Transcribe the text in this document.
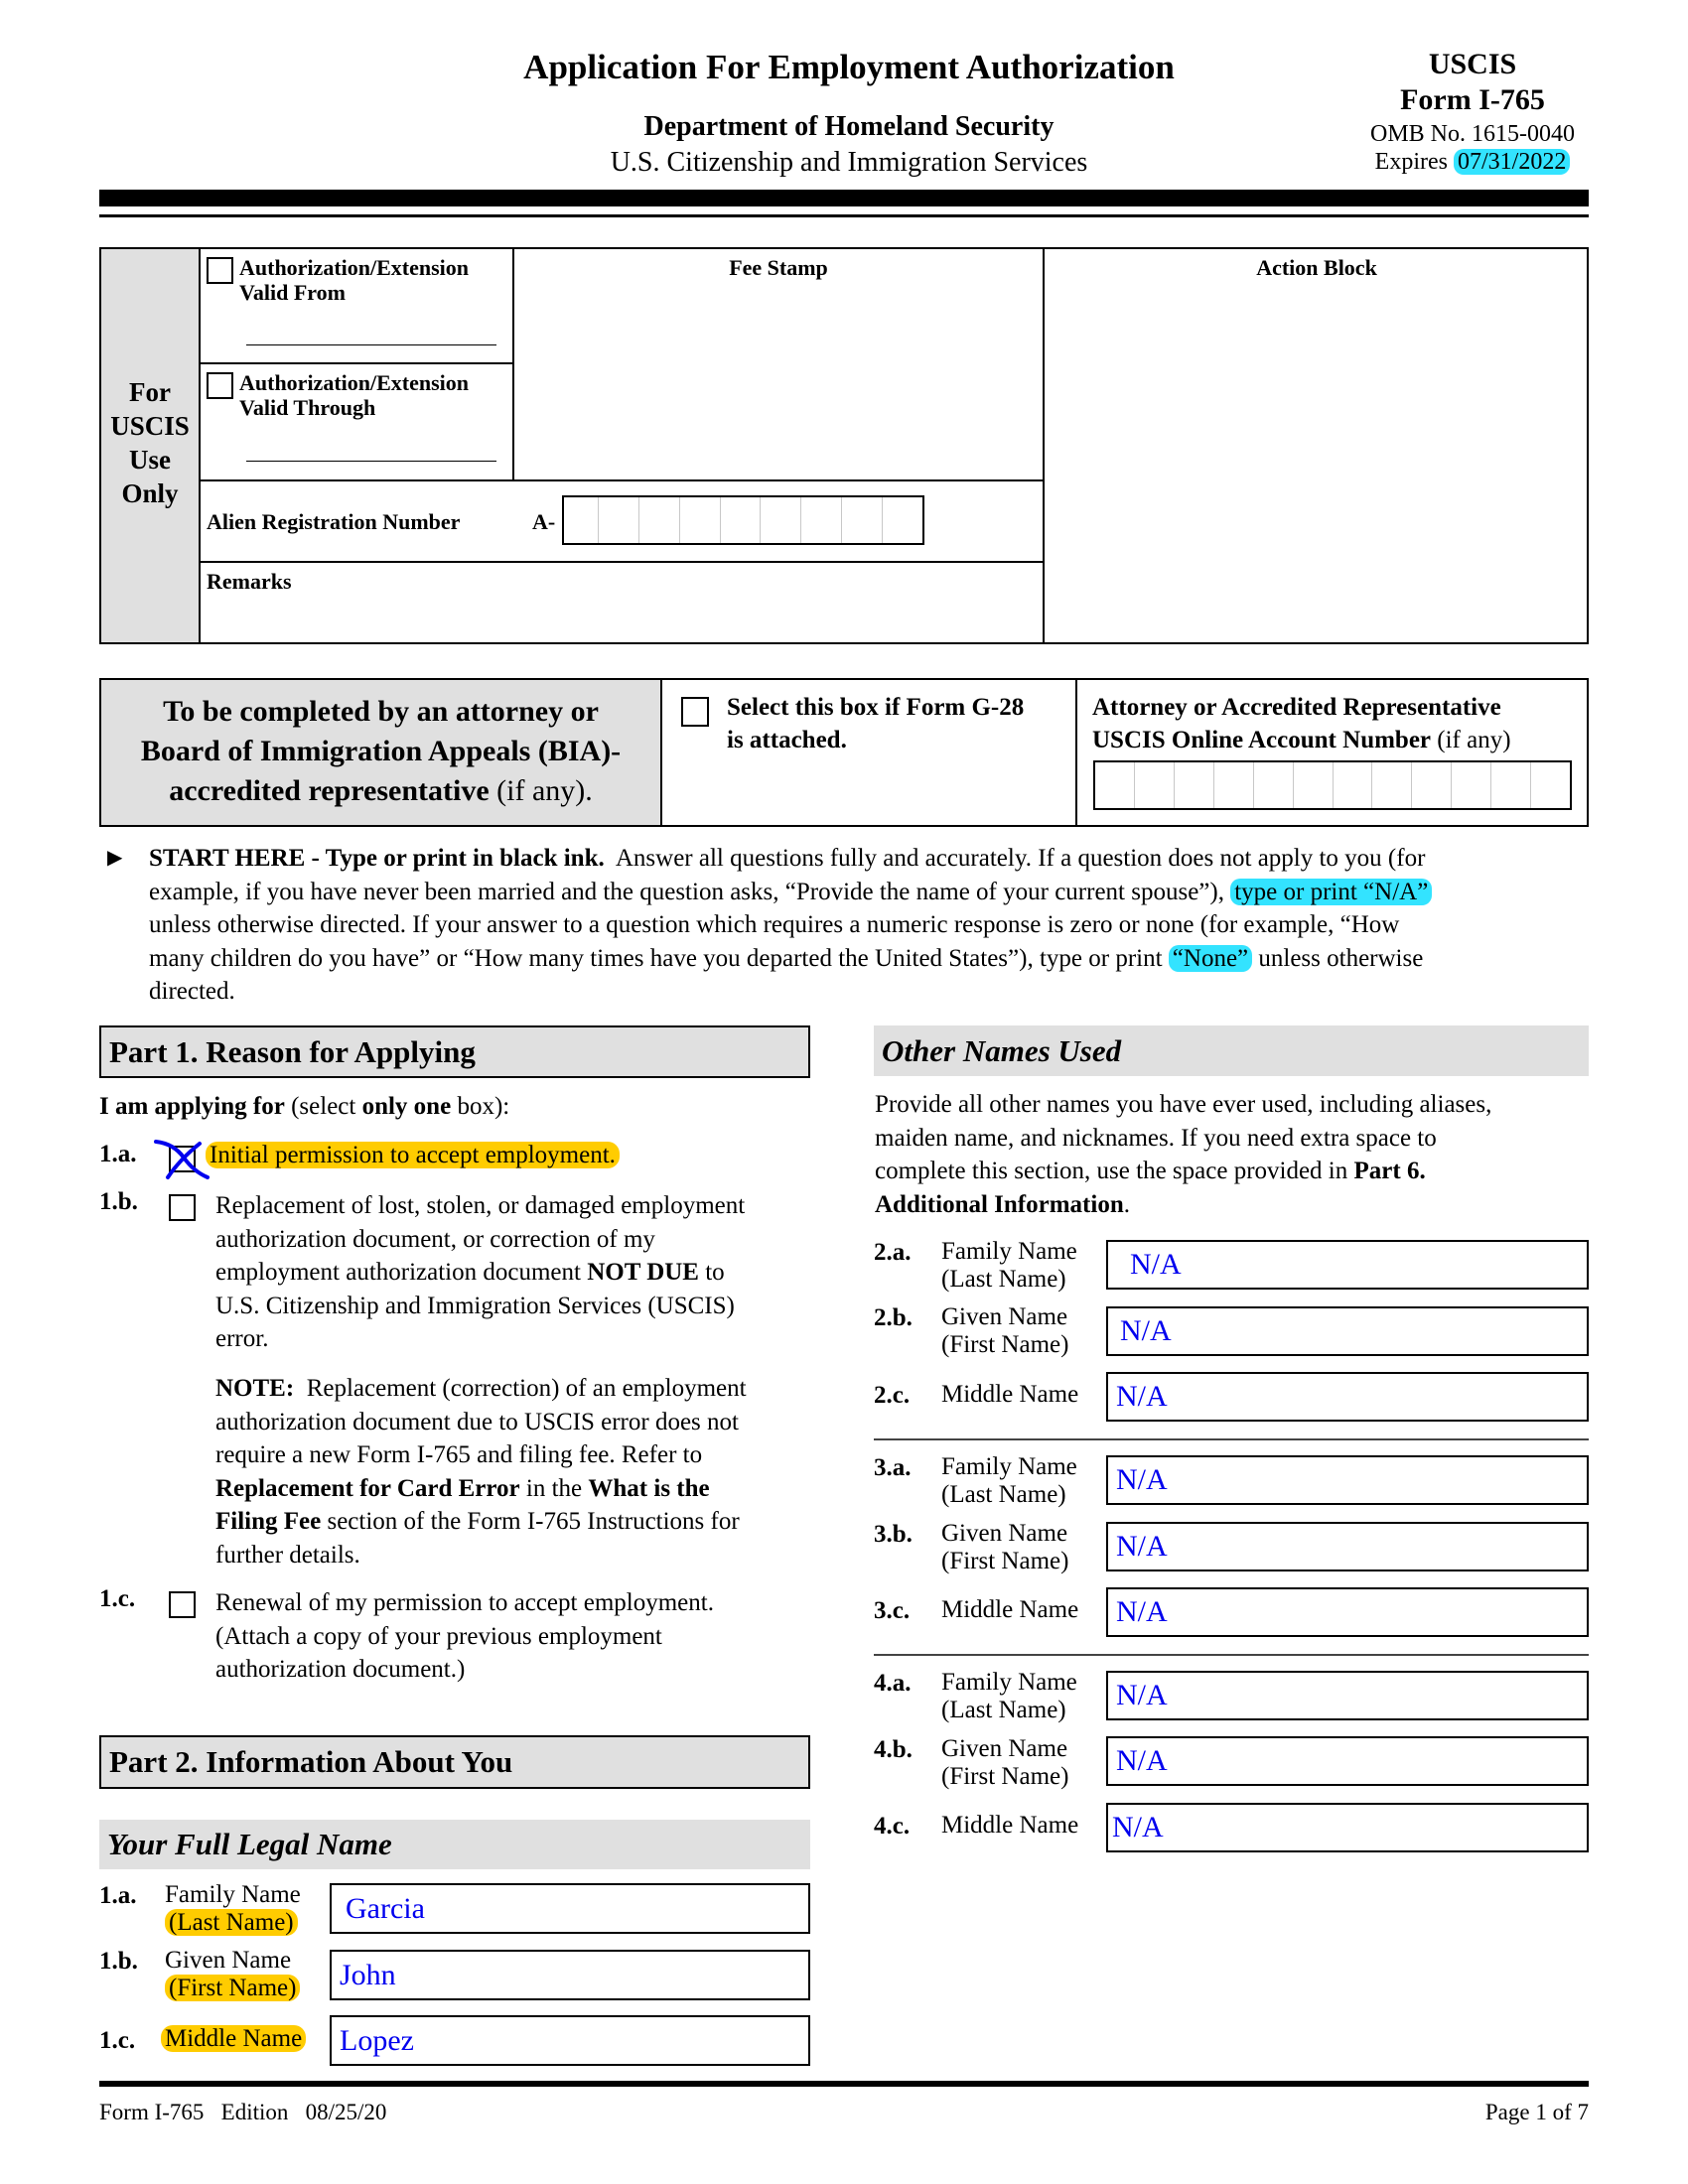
Application For Employment Authorization
Department of Homeland Security
U.S. Citizenship and Immigration Services
USCIS
Form I-765
OMB No. 1615-0040
Expires 07/31/2022
For
USCIS
Use
Only
Authorization/Extension
Valid From
Authorization/Extension
Valid Through
Fee Stamp	Action Block
Alien Registration Number	A-
Remarks
To be completed by an attorney or
Board of Immigration Appeals (BIA)-
accredited representative (if any).
Select this box if Form G-28
is attached.
Attorney or Accredited Representative
USCIS Online Account Number (if any)
▶ START HERE - Type or print in black ink. Answer all questions fully and accurately. If a question does not apply to you (for
example, if you have never been married and the question asks, “Provide the name of your current spouse”), type or print “N/A”
unless otherwise directed. If your answer to a question which requires a numeric response is zero or none (for example, “How
many children do you have” or “How many times have you departed the United States”), type or print “None” unless otherwise
directed.
Part 1. Reason for Applying
I am applying for (select only one box):
1.a.	Initial permission to accept employment.
1.b.	Replacement of lost, stolen, or damaged employment
authorization document, or correction of my
employment authorization document NOT DUE to
U.S. Citizenship and Immigration Services (USCIS)
error.
NOTE: Replacement (correction) of an employment
authorization document due to USCIS error does not
require a new Form I-765 and filing fee. Refer to
Replacement for Card Error in the What is the
Filing Fee section of the Form I-765 Instructions for
further details.
1.c.	Renewal of my permission to accept employment.
(Attach a copy of your previous employment
authorization document.)
Part 2. Information About You
Your Full Legal Name
1.a. Family Name
(Last Name)	Garcia
1.b. Given Name
(First Name)	John
1.c. Middle Name	Lopez
Other Names Used
Provide all other names you have ever used, including aliases,
maiden name, and nicknames. If you need extra space to
complete this section, use the space provided in Part 6.
Additional Information.
2.a. Family Name
(Last Name)	N/A
2.b. Given Name
(First Name)	N/A
2.c. Middle Name	N/A
3.a. Family Name
(Last Name)	N/A
3.b. Given Name
(First Name)	N/A
3.c. Middle Name	N/A
4.a. Family Name
(Last Name)	N/A
4.b. Given Name
(First Name)	N/A
4.c. Middle Name N/A
Form I-765   Edition   08/25/20	Page 1 of 7
